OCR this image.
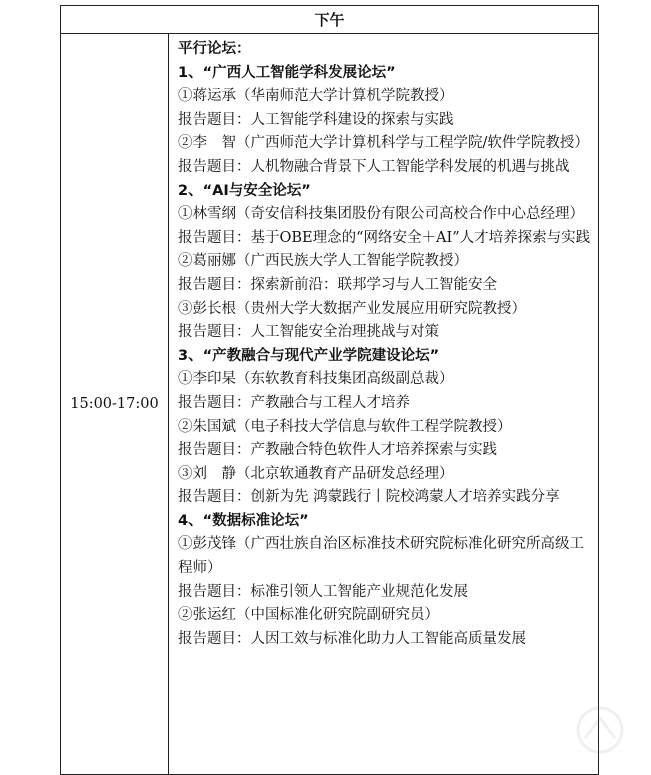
下午
15:00-17:00
平行论坛：
1、“广西人工智能学科发展论坛”
①蒋运承（华南师范大学计算机学院教授）
报告题目：人工智能学科建设的探索与实践
②李　智（广西师范大学计算机科学与工程学院/软件学院教授）
报告题目：人机物融合背景下人工智能学科发展的机遇与挑战
2、“AI与安全论坛”
①林雪纲（奇安信科技集团股份有限公司高校合作中心总经理）
报告题目：基于OBE理念的“网络安全＋AI”人才培养探索与实践
②葛丽娜（广西民族大学人工智能学院教授）
报告题目：探索新前沿：联邦学习与人工智能安全
③彭长根（贵州大学大数据产业发展应用研究院教授）
报告题目：人工智能安全治理挑战与对策
3、“产教融合与现代产业学院建设论坛”
①李印杲（东软教育科技集团高级副总裁）
报告题目：产教融合与工程人才培养
②朱国斌（电子科技大学信息与软件工程学院教授）
报告题目：产教融合特色软件人才培养探索与实践
③刘　静（北京软通教育产品研发总经理）
报告题目：创新为先 鸿蒙践行丨院校鸿蒙人才培养实践分享
4、“数据标准论坛”
①彭茂锋（广西壮族自治区标准技术研究院标准化研究所高级工程师）
报告题目：标准引领人工智能产业规范化发展
②张运红（中国标准化研究院副研究员）
报告题目：人因工效与标准化助力人工智能高质量发展
